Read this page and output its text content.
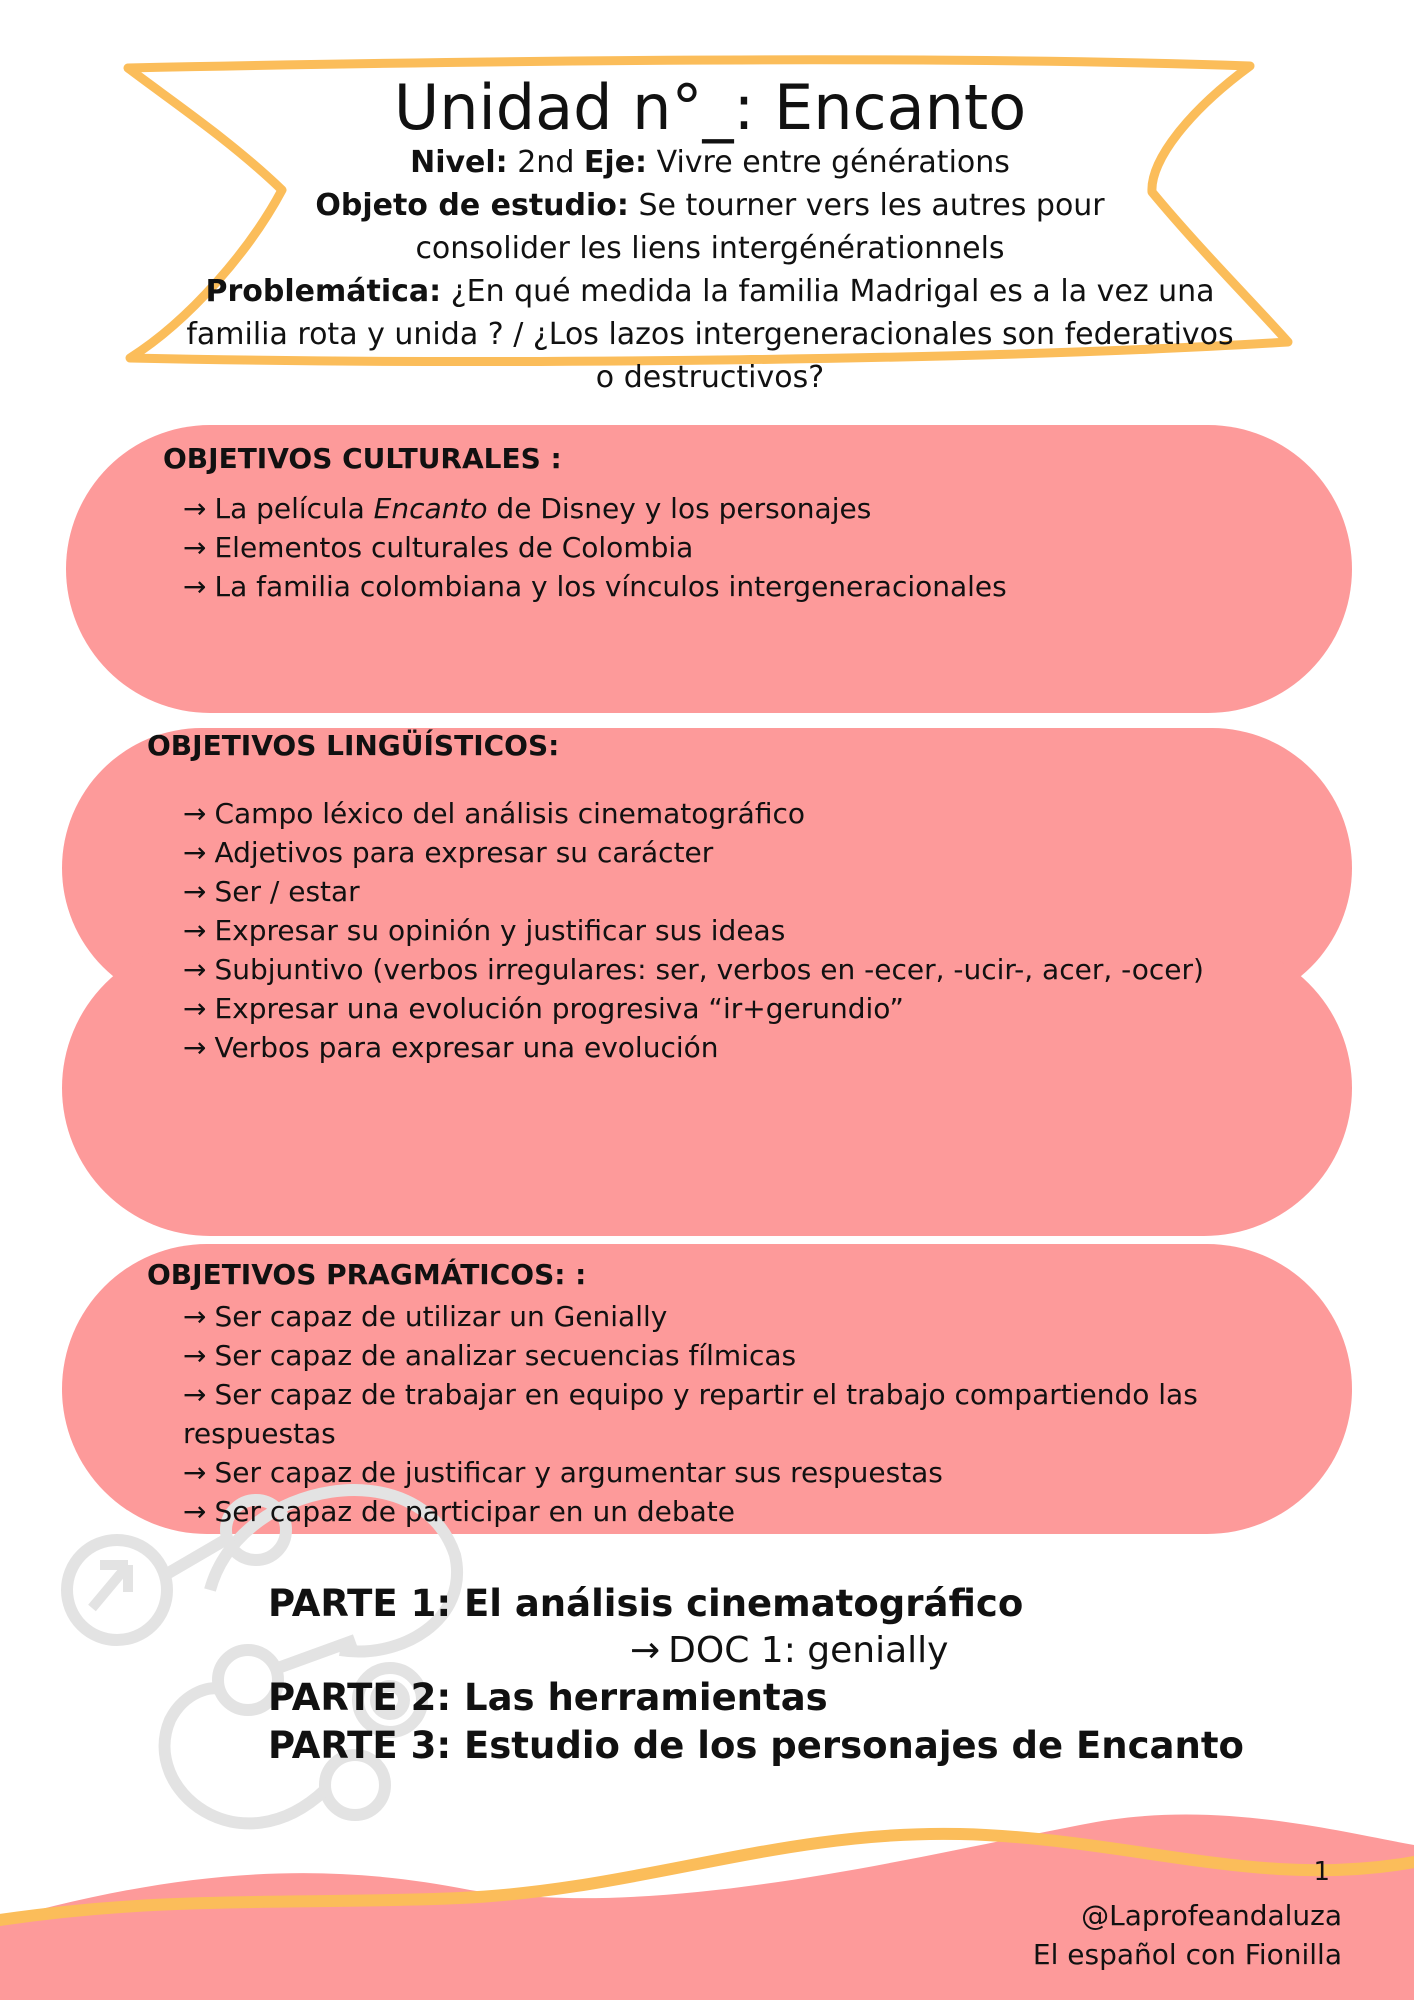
Unidad n°_: Encanto

Nivel: 2nd Eje: Vivre entre générations

Objeto de estudio: Se tourner vers les autres pour

consolider les liens intergénérationnels

Problemática: ¿En qué medida la familia Madrigal es a la vez una

familia rota y unida ? / ¿Los lazos intergeneracionales son federativos

o destructivos?

OBJETIVOS CULTURALES :

→ La película Encanto de Disney y los personajes
→ Elementos culturales de Colombia
→ La familia colombiana y los vínculos intergeneracionales

OBJETIVOS LINGÜÍSTICOS:

→ Campo léxico del análisis cinematográfico
→ Adjetivos para expresar su carácter
→ Ser / estar
→ Expresar su opinión y justificar sus ideas
→ Subjuntivo (verbos irregulares: ser, verbos en -ecer, -ucir-, acer, -ocer)
→ Expresar una evolución progresiva “ir+gerundio”
→ Verbos para expresar una evolución

OBJETIVOS PRAGMÁTICOS: :

→ Ser capaz de utilizar un Genially
→ Ser capaz de analizar secuencias fílmicas
→ Ser capaz de trabajar en equipo y repartir el trabajo compartiendo las respuestas
→ Ser capaz de justificar y argumentar sus respuestas
→ Ser capaz de participar en un debate

PARTE 1: El análisis cinematográfico

→ DOC 1: genially

PARTE 2: Las herramientas

PARTE 3: Estudio de los personajes de Encanto

1

@Laprofeandaluza

El español con Fionilla
